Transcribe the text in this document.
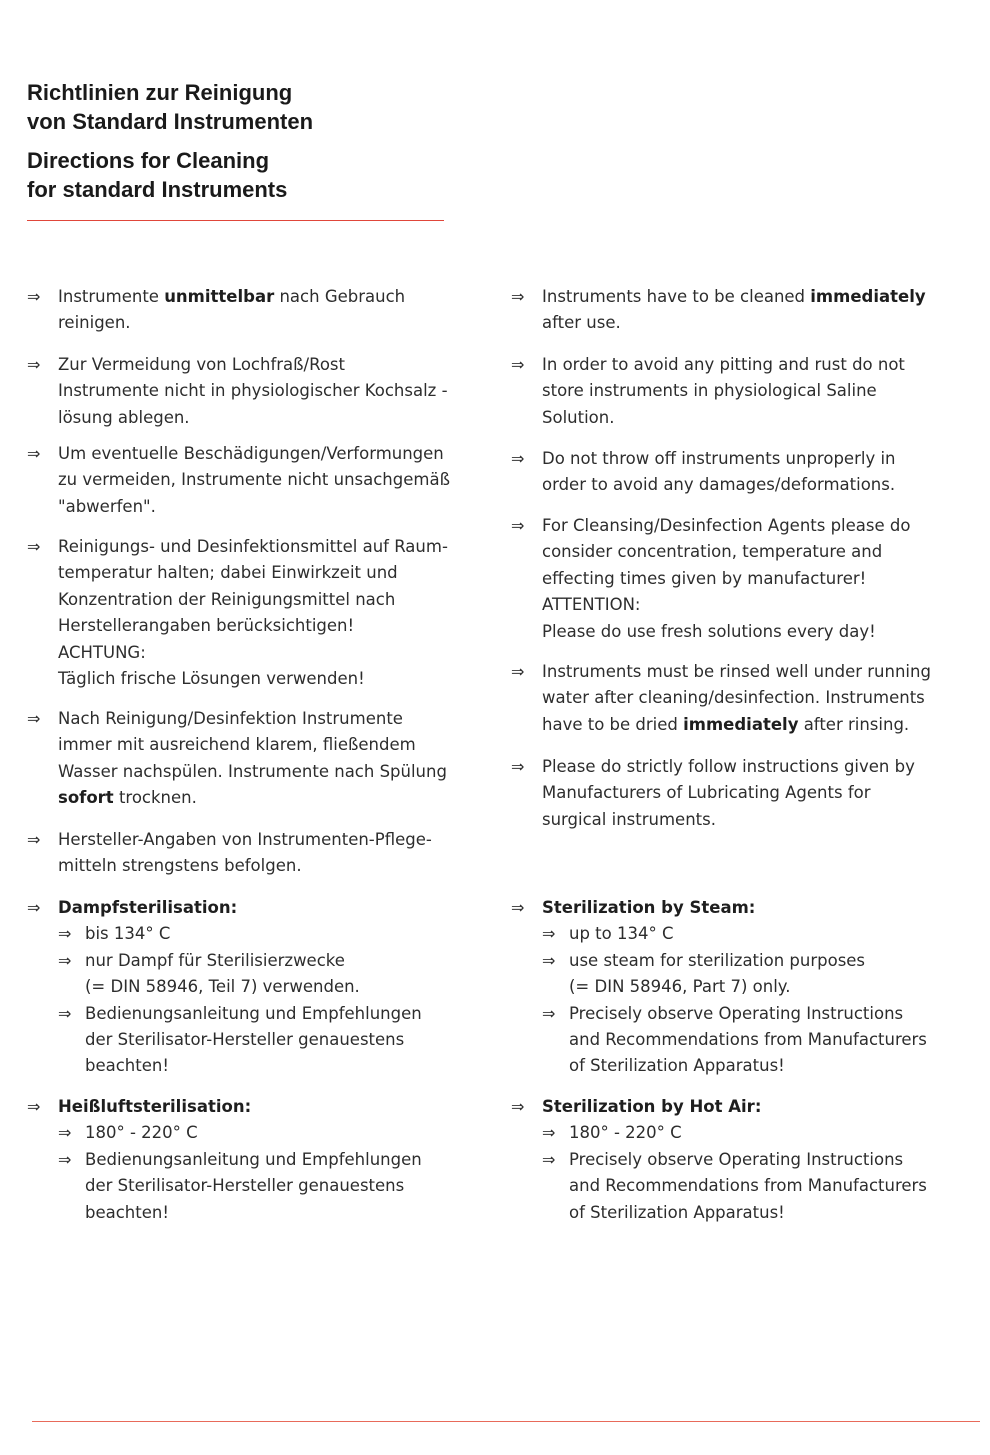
Richtlinien zur Reinigung
von Standard Instrumenten
Directions for Cleaning
for standard Instruments
⇒ Instrumente unmittelbar nach Gebrauch

reinigen.

⇒ Zur Vermeidung von Lochfraß/Rost

Instrumente nicht in physiologischer Kochsalz -

lösung ablegen.

⇒ Um eventuelle Beschädigungen/Verformungen

zu vermeiden, Instrumente nicht unsachgemäß

"abwerfen".

⇒ Reinigungs- und Desinfektionsmittel auf Raum-

temperatur halten; dabei Einwirkzeit und

Konzentration der Reinigungsmittel nach

Herstellerangaben berücksichtigen!

ACHTUNG:

Täglich frische Lösungen verwenden!

⇒ Nach Reinigung/Desinfektion Instrumente

immer mit ausreichend klarem, fließendem

Wasser nachspülen. Instrumente nach Spülung

sofort trocknen.

⇒ Hersteller-Angaben von Instrumenten-Pflege-

mitteln strengstens befolgen.

⇒ Dampfsterilisation:

⇒ bis 134° C

⇒ nur Dampf für Sterilisierzwecke

(= DIN 58946, Teil 7) verwenden.

⇒ Bedienungsanleitung und Empfehlungen

der Sterilisator-Hersteller genauestens

beachten!

⇒ Heißluftsterilisation:

⇒ 180° - 220° C

⇒ Bedienungsanleitung und Empfehlungen

der Sterilisator-Hersteller genauestens

beachten!

⇒ Instruments have to be cleaned immediately

after use.

⇒ In order to avoid any pitting and rust do not

store instruments in physiological Saline

Solution.

⇒ Do not throw off instruments unproperly in

order to avoid any damages/deformations.

⇒ For Cleansing/Desinfection Agents please do

consider concentration, temperature and

effecting times given by manufacturer!

ATTENTION:

Please do use fresh solutions every day!

⇒ Instruments must be rinsed well under running

water after cleaning/desinfection. Instruments

have to be dried immediately after rinsing.

⇒ Please do strictly follow instructions given by

Manufacturers of Lubricating Agents for

surgical instruments.

⇒ Sterilization by Steam:

⇒ up to 134° C

⇒ use steam for sterilization purposes

(= DIN 58946, Part 7) only.

⇒ Precisely observe Operating Instructions

and Recommendations from Manufacturers

of Sterilization Apparatus!

⇒ Sterilization by Hot Air:

⇒ 180° - 220° C

⇒ Precisely observe Operating Instructions

and Recommendations from Manufacturers

of Sterilization Apparatus!
